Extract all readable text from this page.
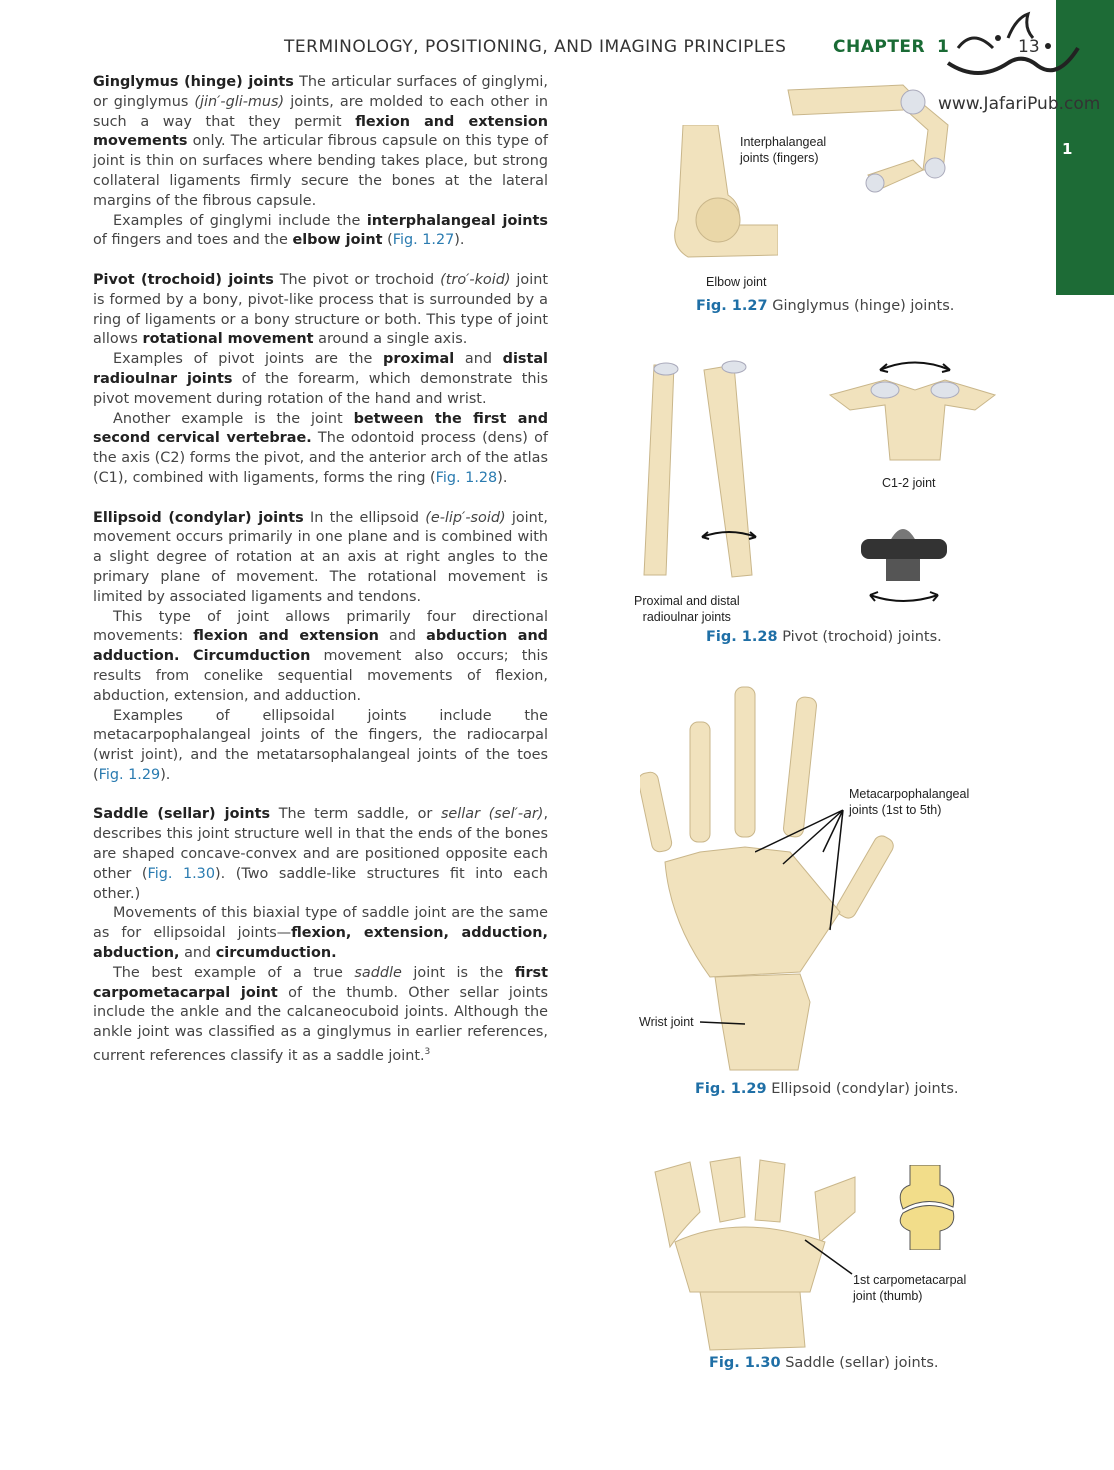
TERMINOLOGY, POSITIONING, AND IMAGING PRINCIPLES	CHAPTER 1	13
1
www.JafariPub.com

Ginglymus (hinge) joints The articular surfaces of ginglymi, or ginglymus (jin′-gli-mus) joints, are molded to each other in such a way that they permit flexion and extension movements only. The articular fibrous capsule on this type of joint is thin on surfaces where bending takes place, but strong collateral ligaments firmly secure the bones at the lateral margins of the fibrous capsule.

Examples of ginglymi include the interphalangeal joints of fingers and toes and the elbow joint (Fig. 1.27).

Pivot (trochoid) joints The pivot or trochoid (tro′-koid) joint is formed by a bony, pivot-like process that is surrounded by a ring of ligaments or a bony structure or both. This type of joint allows rotational movement around a single axis.

Examples of pivot joints are the proximal and distal radioulnar joints of the forearm, which demonstrate this pivot movement during rotation of the hand and wrist.

Another example is the joint between the first and second cervical vertebrae. The odontoid process (dens) of the axis (C2) forms the pivot, and the anterior arch of the atlas (C1), combined with ligaments, forms the ring (Fig. 1.28).

Ellipsoid (condylar) joints In the ellipsoid (e-lip′-soid) joint, movement occurs primarily in one plane and is combined with a slight degree of rotation at an axis at right angles to the primary plane of movement. The rotational movement is limited by associated ligaments and tendons.

This type of joint allows primarily four directional movements: flexion and extension and abduction and adduction. Circumduction movement also occurs; this results from conelike sequential movements of flexion, abduction, extension, and adduction.

Examples of ellipsoidal joints include the metacarpophalangeal joints of the fingers, the radiocarpal (wrist joint), and the metatarsophalangeal joints of the toes (Fig. 1.29).

Saddle (sellar) joints The term saddle, or sellar (sel′-ar), describes this joint structure well in that the ends of the bones are shaped concave-convex and are positioned opposite each other (Fig. 1.30). (Two saddle-like structures fit into each other.)

Movements of this biaxial type of saddle joint are the same as for ellipsoidal joints—flexion, extension, adduction, abduction, and circumduction.

The best example of a true saddle joint is the first carpometacarpal joint of the thumb. Other sellar joints include the ankle and the calcaneocuboid joints. Although the ankle joint was classified as a ginglymus in earlier references, current references classify it as a saddle joint.$^3$

Interphalangeal
joints (fingers)
Elbow joint
Fig. 1.27 Ginglymus (hinge) joints.
C1-2 joint
Proximal and distal
radioulnar joints
Fig. 1.28 Pivot (trochoid) joints.
Metacarpophalangeal
joints (1st to 5th)
Wrist joint
Fig. 1.29 Ellipsoid (condylar) joints.
1st carpometacarpal
joint (thumb)
Fig. 1.30 Saddle (sellar) joints.
